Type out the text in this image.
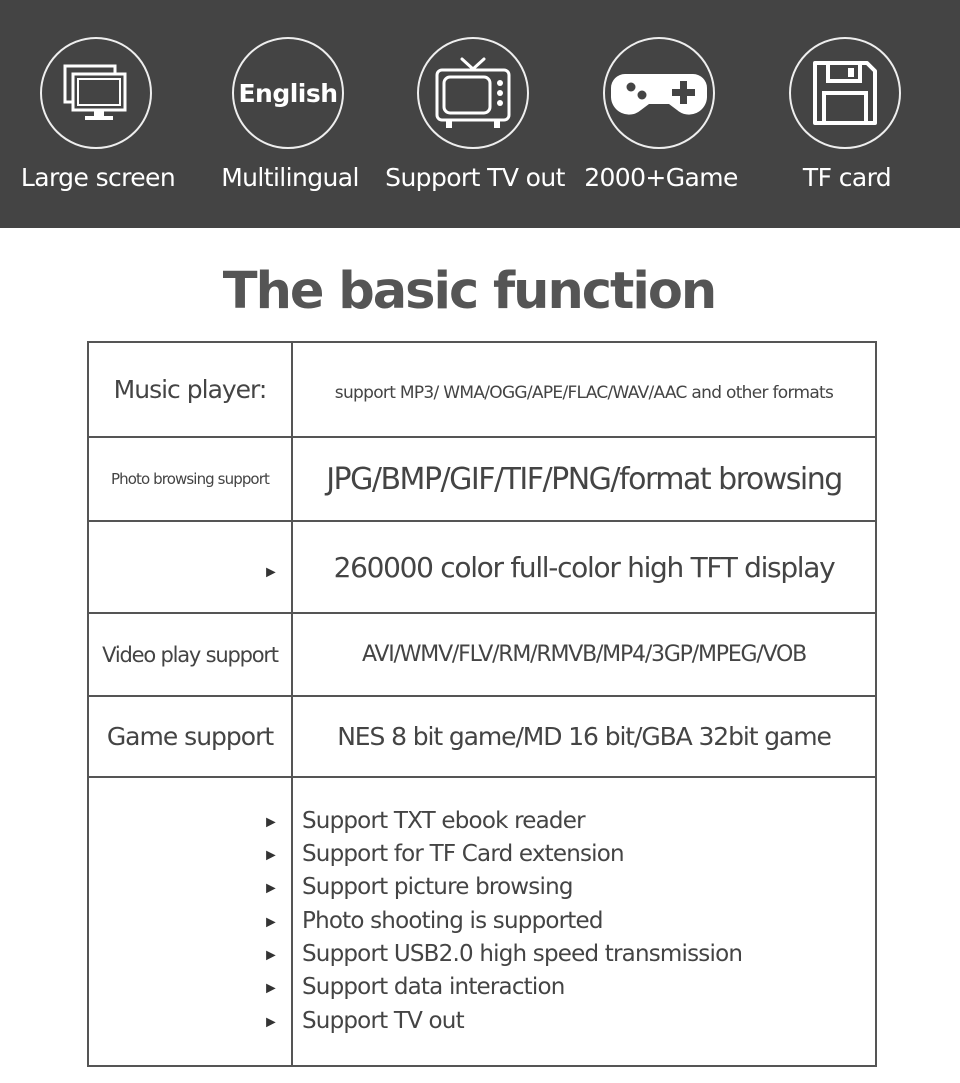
Large screen
English
Multilingual	Support TV out 2000+Game	TF card
The basic function
Music player:	support MP3/ WMA/OGG/APE/FLAC/WAV/AAC and other formats
Photo browsing support	JPG/BMP/GIF/TIF/PNG/format browsing
►	260000 color full-color high TFT display
Video play support	AVI/WMV/FLV/RM/RMVB/MP4/3GP/MPEG/VOB
Game support	NES 8 bit game/MD 16 bit/GBA 32bit game
► Support TXT ebook reader
► Support for TF Card extension
► Support picture browsing
► Photo shooting is supported
► Support USB2.0 high speed transmission
► Support data interaction
► Support TV out
